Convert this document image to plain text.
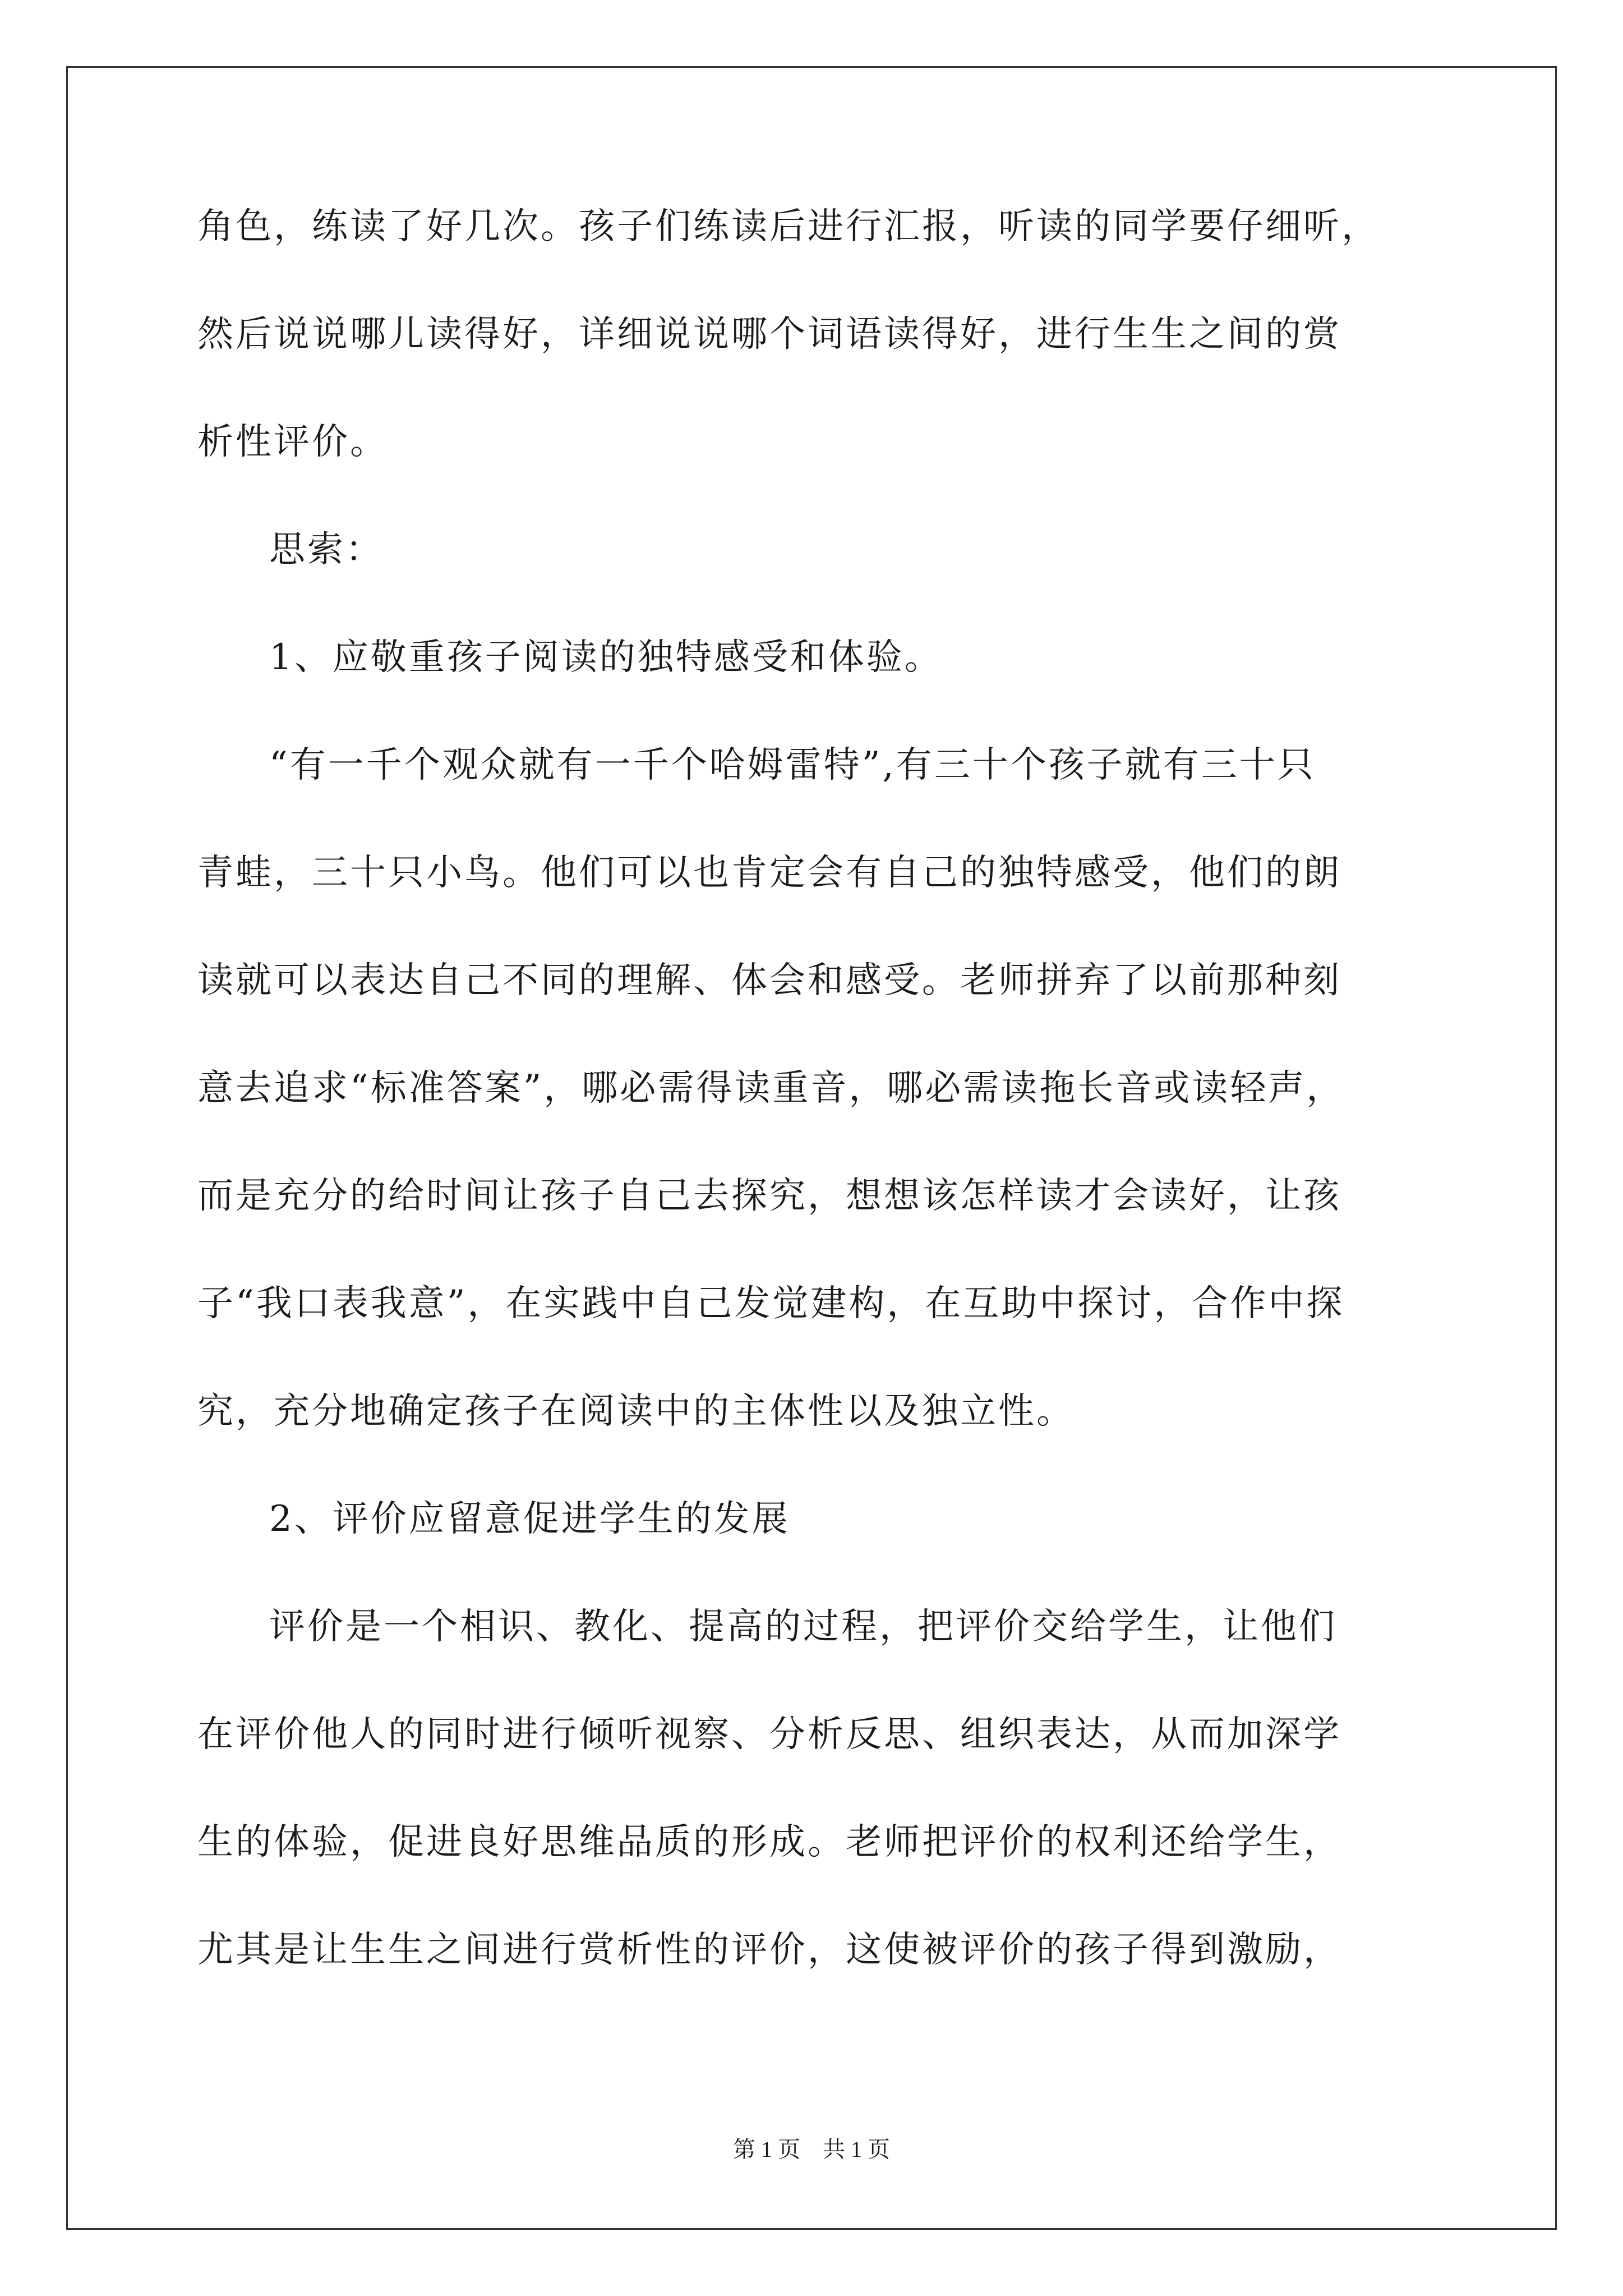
角色，练读了好几次。孩子们练读后进行汇报，听读的同学要仔细听，

然后说说哪儿读得好，详细说说哪个词语读得好，进行生生之间的赏

析性评价。

思索：

1、应敬重孩子阅读的独特感受和体验。

“有一千个观众就有一千个哈姆雷特”,有三十个孩子就有三十只

青蛙，三十只小鸟。他们可以也肯定会有自己的独特感受，他们的朗

读就可以表达自己不同的理解、体会和感受。老师拼弃了以前那种刻

意去追求“标准答案”，哪必需得读重音，哪必需读拖长音或读轻声，

而是充分的给时间让孩子自己去探究，想想该怎样读才会读好，让孩

子“我口表我意”，在实践中自己发觉建构，在互助中探讨，合作中探

究，充分地确定孩子在阅读中的主体性以及独立性。

2、评价应留意促进学生的发展

评价是一个相识、教化、提高的过程，把评价交给学生，让他们

在评价他人的同时进行倾听视察、分析反思、组织表达，从而加深学

生的体验，促进良好思维品质的形成。老师把评价的权利还给学生，

尤其是让生生之间进行赏析性的评价，这使被评价的孩子得到激励，

第 1 页　共 1 页
